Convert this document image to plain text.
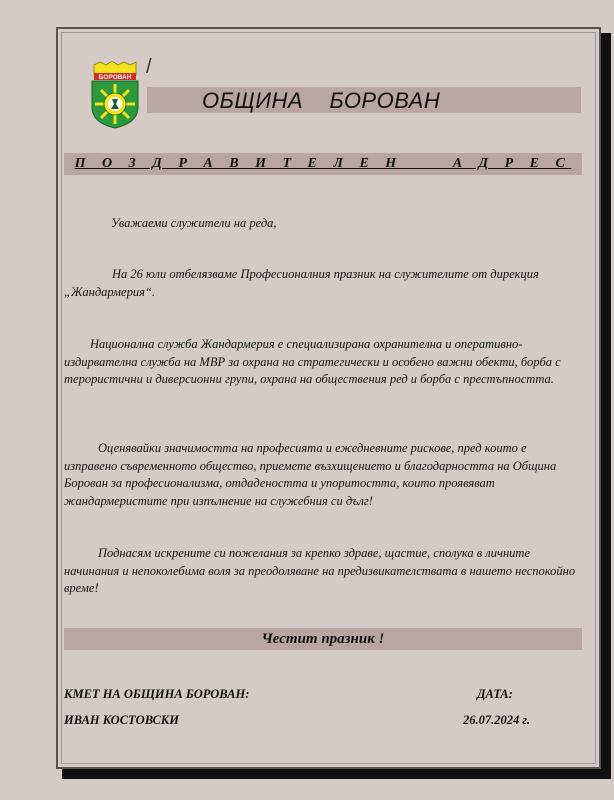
БОРОВАН /
ОБЩИНА    БОРОВАН
П О З Д Р А В И Т Е Л Е Н     А Д Р Е С

Уважаеми служители на реда,

На 26 юли отбелязваме Професионалния празник на служителите от дирекция „Жандармерия“.

Национална служба Жандармерия е специализирана охранителна и оперативно-издирвателна служба на МВР за охрана на стратегически и особено важни обекти, борба с терористични и диверсионни групи, охрана на обществения ред и борба с престъпността.

Оценявайки значимостта на професията и ежедневните рискове, пред които е изправено съвременното общество, приемете възхищението и благодарността на Община Борован за професионализма, отдадеността и упоритостта, които проявяват жандармеристите при изпълнение на служебния си дълг!

Поднасям искрените си пожелания за крепко здраве, щастие, сполука в личните начинания и непоколебима воля за преодоляване на предизвикателствата в нашето неспокойно време!

Честит празник !
КМЕТ НА ОБЩИНА БОРОВАН:	ДАТА:
ИВАН КОСТОВСКИ	26.07.2024 г.
